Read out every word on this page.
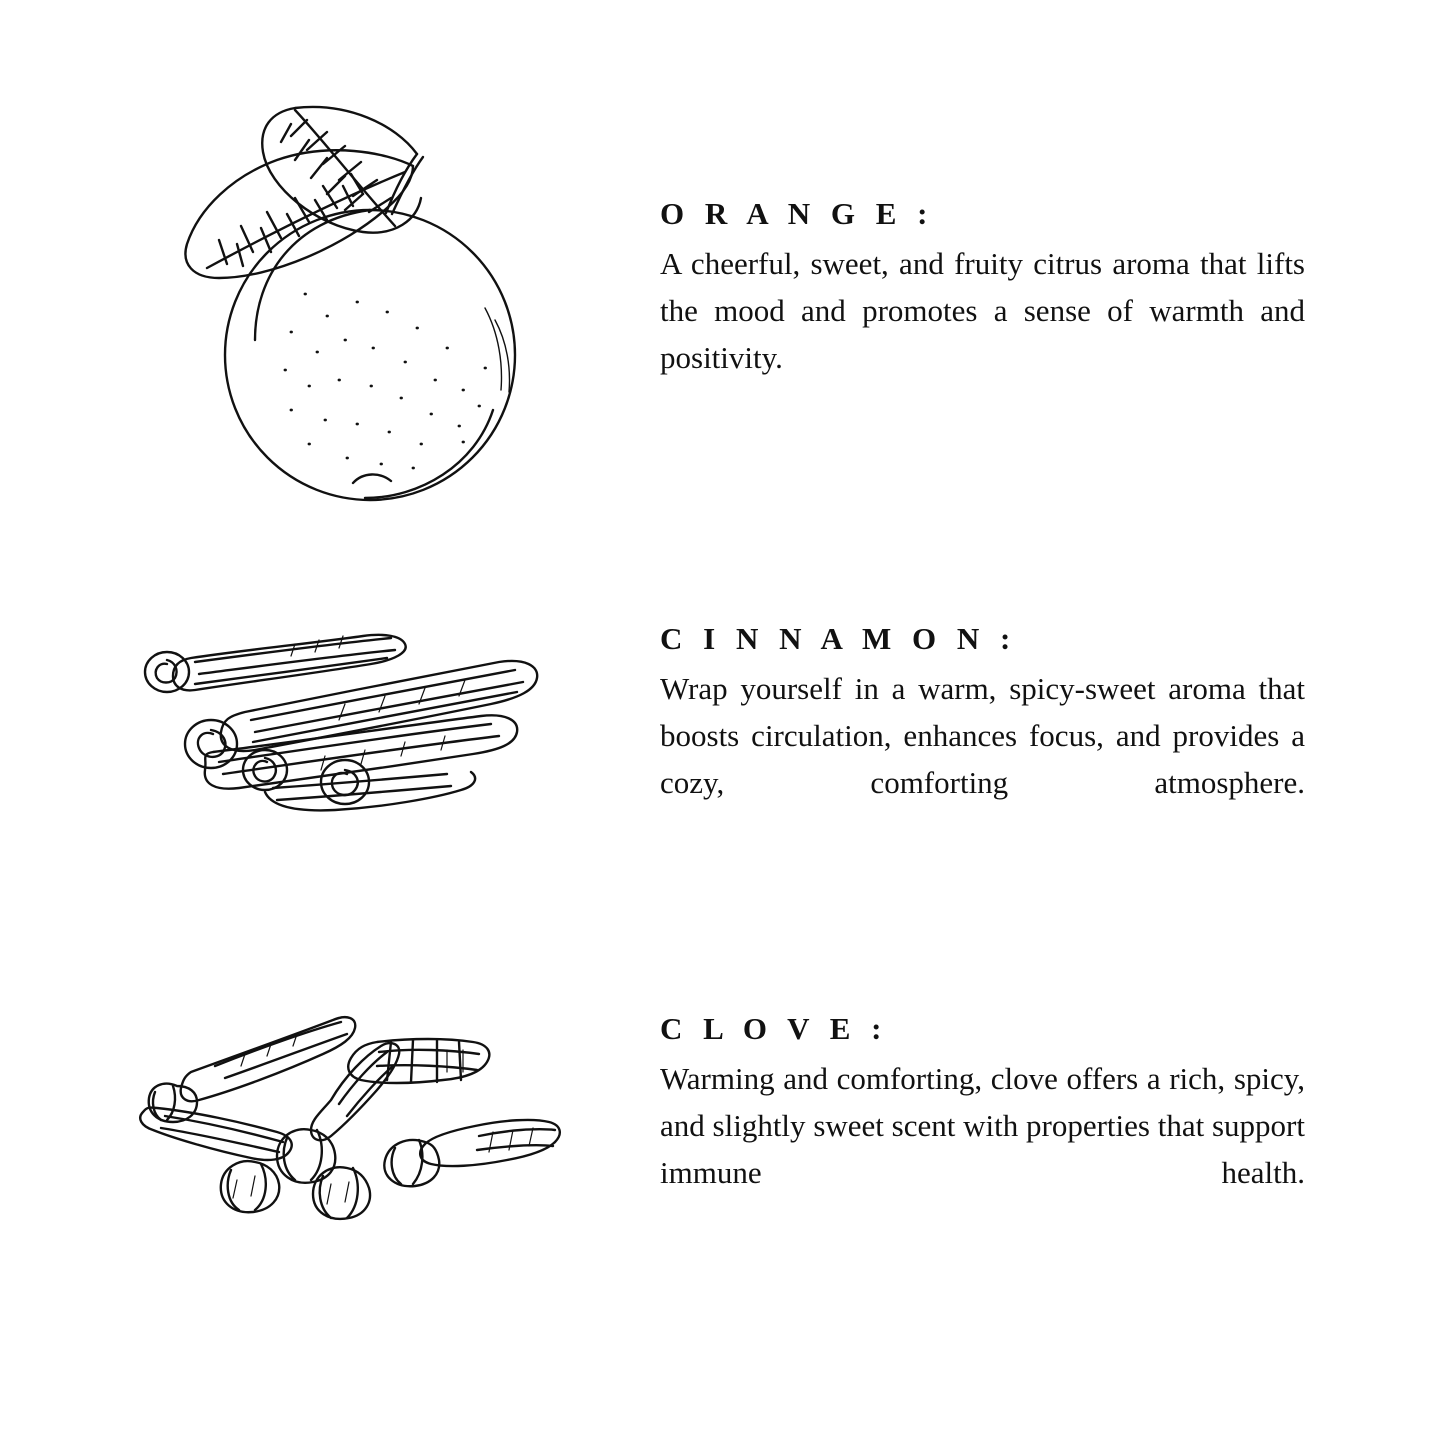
O R A N G E :

A cheerful, sweet, and fruity citrus aroma that lifts the mood and promotes a sense of warmth and positivity.

C I N N A M O N :

Wrap yourself in a warm, spicy-sweet aroma that boosts circulation, enhances focus, and provides a cozy, comforting atmosphere.

C L O V E :

Warming and comforting, clove offers a rich, spicy, and slightly sweet scent with properties that support immune health.
